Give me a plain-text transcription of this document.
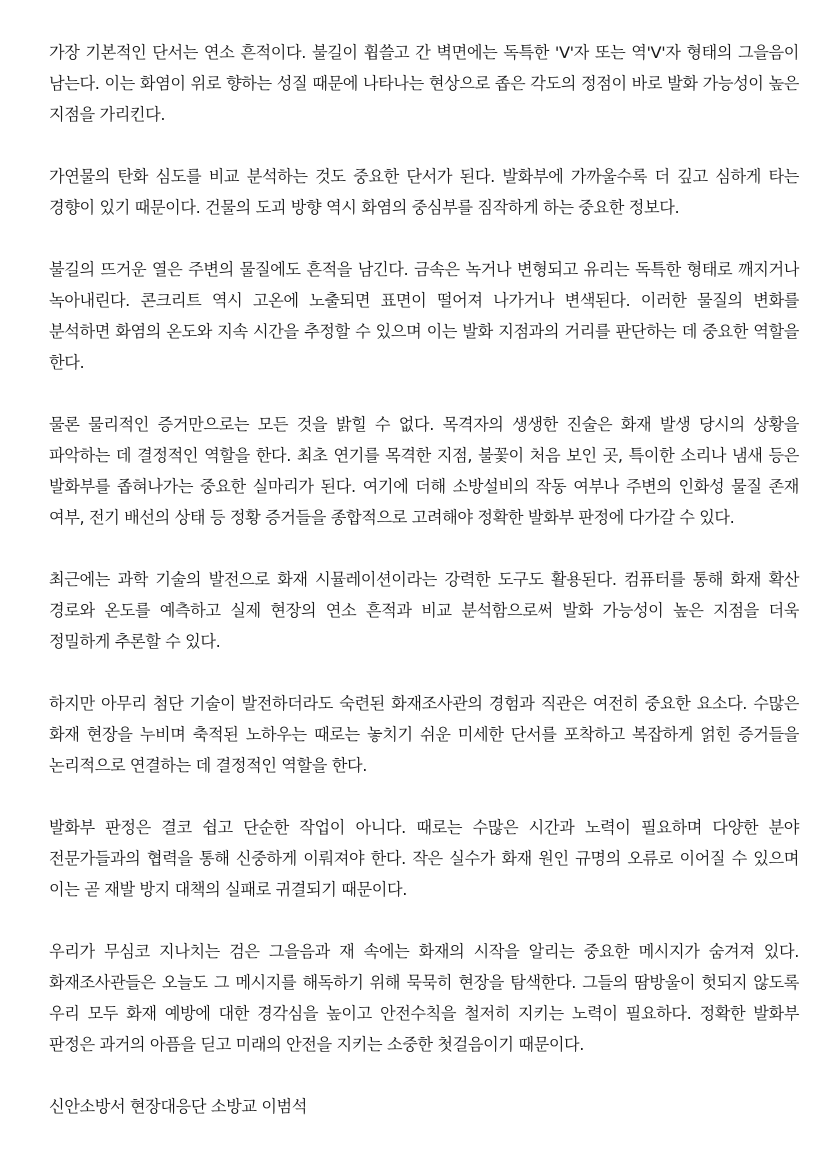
가장 기본적인 단서는 연소 흔적이다. 불길이 휩쓸고 간 벽면에는 독특한 'V'자 또는 역'V'자 형태의 그을음이 남는다. 이는 화염이 위로 향하는 성질 때문에 나타나는 현상으로 좁은 각도의 정점이 바로 발화 가능성이 높은 지점을 가리킨다.

가연물의 탄화 심도를 비교 분석하는 것도 중요한 단서가 된다. 발화부에 가까울수록 더 깊고 심하게 타는 경향이 있기 때문이다. 건물의 도괴 방향 역시 화염의 중심부를 짐작하게 하는 중요한 정보다.

불길의 뜨거운 열은 주변의 물질에도 흔적을 남긴다. 금속은 녹거나 변형되고 유리는 독특한 형태로 깨지거나 녹아내린다. 콘크리트 역시 고온에 노출되면 표면이 떨어져 나가거나 변색된다. 이러한 물질의 변화를 분석하면 화염의 온도와 지속 시간을 추정할 수 있으며 이는 발화 지점과의 거리를 판단하는 데 중요한 역할을 한다.

물론 물리적인 증거만으로는 모든 것을 밝힐 수 없다. 목격자의 생생한 진술은 화재 발생 당시의 상황을 파악하는 데 결정적인 역할을 한다. 최초 연기를 목격한 지점, 불꽃이 처음 보인 곳, 특이한 소리나 냄새 등은 발화부를 좁혀나가는 중요한 실마리가 된다. 여기에 더해 소방설비의 작동 여부나 주변의 인화성 물질 존재 여부, 전기 배선의 상태 등 정황 증거들을 종합적으로 고려해야 정확한 발화부 판정에 다가갈 수 있다.

최근에는 과학 기술의 발전으로 화재 시뮬레이션이라는 강력한 도구도 활용된다. 컴퓨터를 통해 화재 확산 경로와 온도를 예측하고 실제 현장의 연소 흔적과 비교 분석함으로써 발화 가능성이 높은 지점을 더욱 정밀하게 추론할 수 있다.

하지만 아무리 첨단 기술이 발전하더라도 숙련된 화재조사관의 경험과 직관은 여전히 중요한 요소다. 수많은 화재 현장을 누비며 축적된 노하우는 때로는 놓치기 쉬운 미세한 단서를 포착하고 복잡하게 얽힌 증거들을 논리적으로 연결하는 데 결정적인 역할을 한다.

발화부 판정은 결코 쉽고 단순한 작업이 아니다. 때로는 수많은 시간과 노력이 필요하며 다양한 분야 전문가들과의 협력을 통해 신중하게 이뤄져야 한다. 작은 실수가 화재 원인 규명의 오류로 이어질 수 있으며 이는 곧 재발 방지 대책의 실패로 귀결되기 때문이다.

우리가 무심코 지나치는 검은 그을음과 재 속에는 화재의 시작을 알리는 중요한 메시지가 숨겨져 있다. 화재조사관들은 오늘도 그 메시지를 해독하기 위해 묵묵히 현장을 탐색한다. 그들의 땀방울이 헛되지 않도록 우리 모두 화재 예방에 대한 경각심을 높이고 안전수칙을 철저히 지키는 노력이 필요하다. 정확한 발화부 판정은 과거의 아픔을 딛고 미래의 안전을 지키는 소중한 첫걸음이기 때문이다.

신안소방서 현장대응단 소방교 이범석
